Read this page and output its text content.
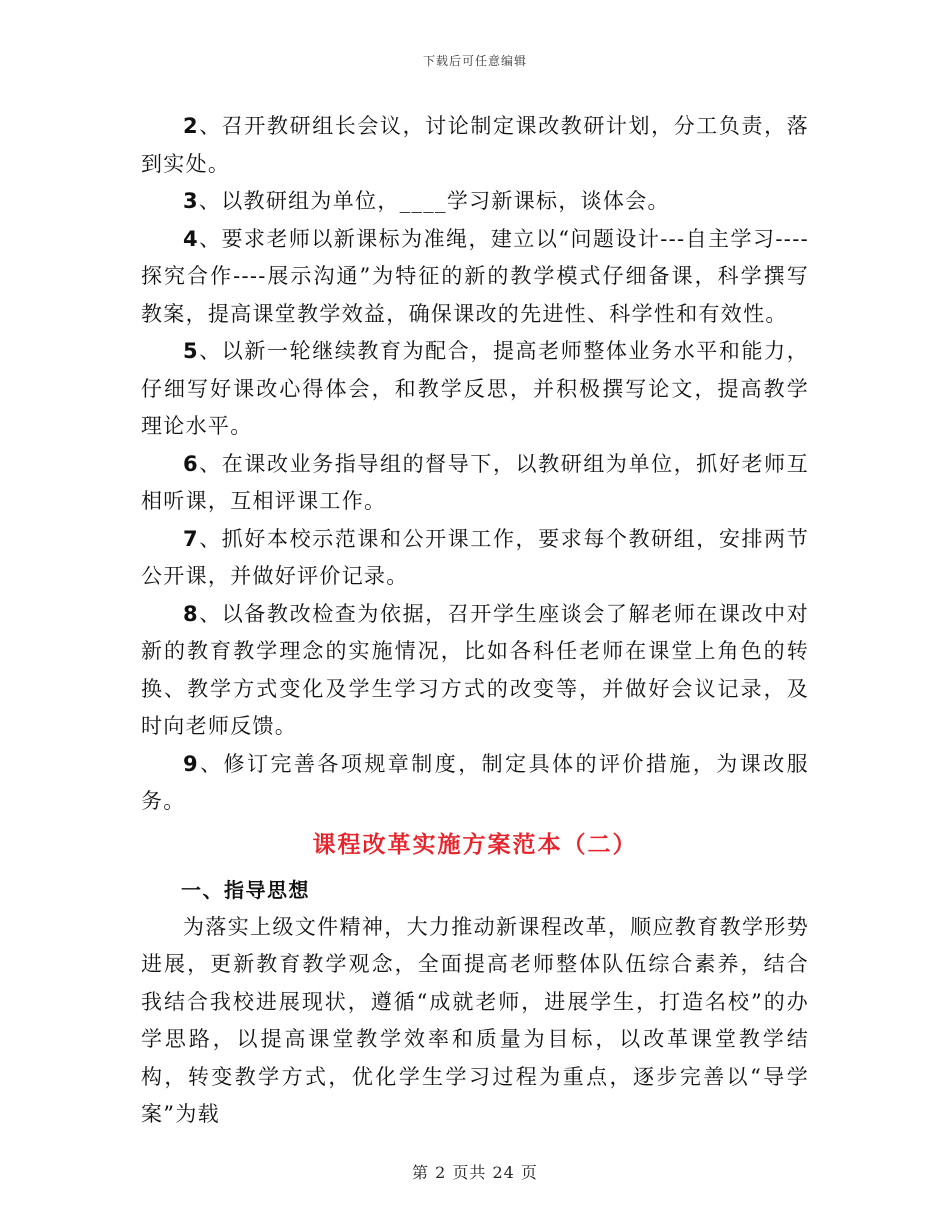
下载后可任意编辑

2、召开教研组长会议，讨论制定课改教研计划，分工负责，落到实处。

3、以教研组为单位，____学习新课标，谈体会。

4、要求老师以新课标为准绳，建立以“问题设计---自主学习----探究合作----展示沟通”为特征的新的教学模式仔细备课，科学撰写教案，提高课堂教学效益，确保课改的先进性、科学性和有效性。

5、以新一轮继续教育为配合，提高老师整体业务水平和能力，仔细写好课改心得体会，和教学反思，并积极撰写论文，提高教学理论水平。

6、在课改业务指导组的督导下，以教研组为单位，抓好老师互相听课，互相评课工作。

7、抓好本校示范课和公开课工作，要求每个教研组，安排两节公开课，并做好评价记录。

8、以备教改检查为依据，召开学生座谈会了解老师在课改中对新的教育教学理念的实施情况，比如各科任老师在课堂上角色的转换、教学方式变化及学生学习方式的改变等，并做好会议记录，及时向老师反馈。

9、修订完善各项规章制度，制定具体的评价措施，为课改服务。

课程改革实施方案范本（二）
一、指导思想

为落实上级文件精神，大力推动新课程改革，顺应教育教学形势进展，更新教育教学观念，全面提高老师整体队伍综合素养，结合我结合我校进展现状，遵循“成就老师，进展学生，打造名校”的办学思路，以提高课堂教学效率和质量为目标，以改革课堂教学结构，转变教学方式，优化学生学习过程为重点，逐步完善以“导学案”为载

第 2 页共 24 页
